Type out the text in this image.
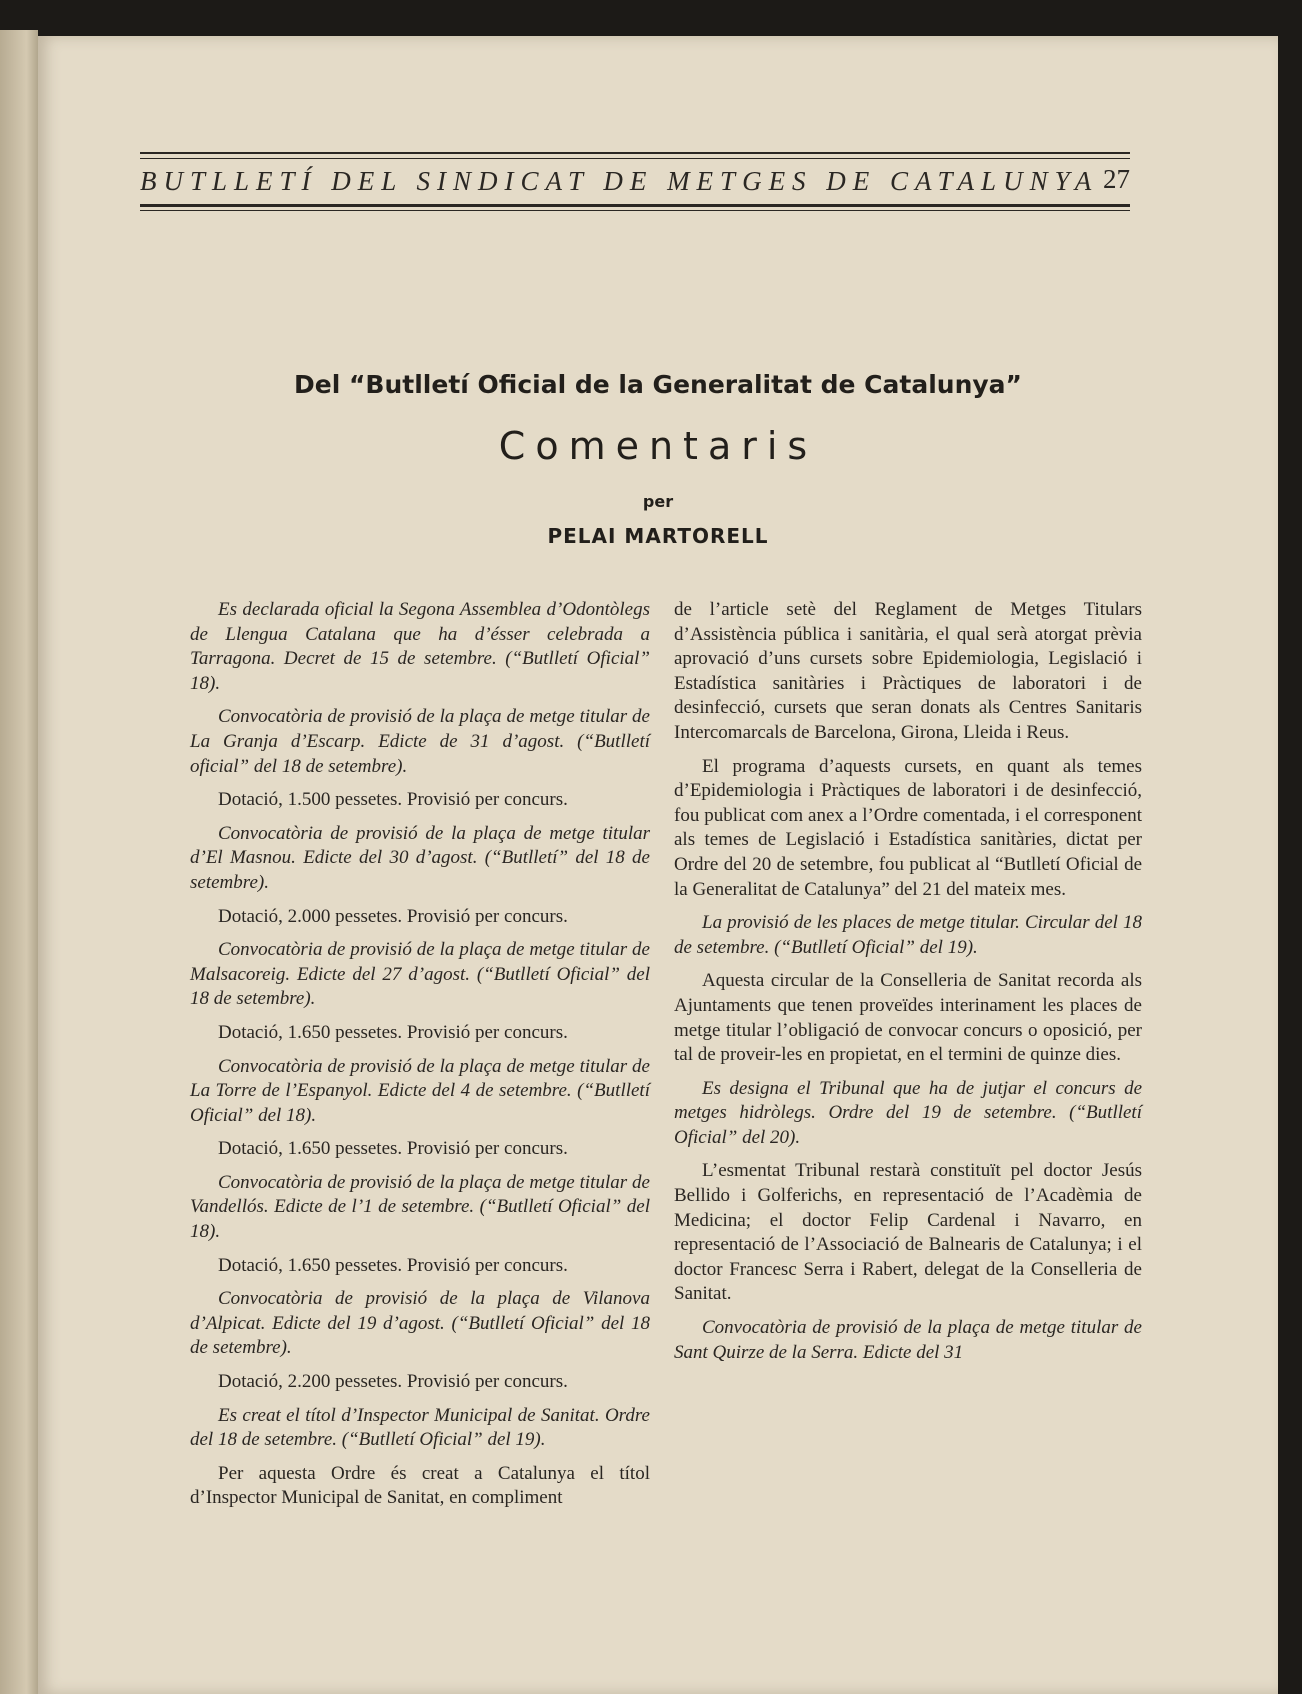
BUTLLETÍ DEL SINDICAT DE METGES DE CATALUNYA 27
Del “Butlletí Oficial de la Generalitat de Catalunya”
Comentaris
per
PELAI MARTORELL

Es declarada oficial la Segona Assemblea d’Odontòlegs de Llengua Catalana que ha d’ésser celebrada a Tarragona. Decret de 15 de setembre. (“Butlletí Oficial” 18).

Convocatòria de provisió de la plaça de metge titular de La Granja d’Escarp. Edicte de 31 d’agost. (“Butlletí oficial” del 18 de setembre).

Dotació, 1.500 pessetes. Provisió per concurs.

Convocatòria de provisió de la plaça de metge titular d’El Masnou. Edicte del 30 d’agost. (“Butlletí” del 18 de setembre).

Dotació, 2.000 pessetes. Provisió per concurs.

Convocatòria de provisió de la plaça de metge titular de Malsacoreig. Edicte del 27 d’agost. (“Butlletí Oficial” del 18 de setembre).

Dotació, 1.650 pessetes. Provisió per concurs.

Convocatòria de provisió de la plaça de metge titular de La Torre de l’Espanyol. Edicte del 4 de setembre. (“Butlletí Oficial” del 18).

Dotació, 1.650 pessetes. Provisió per concurs.

Convocatòria de provisió de la plaça de metge titular de Vandellós. Edicte de l’1 de setembre. (“Butlletí Oficial” del 18).

Dotació, 1.650 pessetes. Provisió per concurs.

Convocatòria de provisió de la plaça de Vilanova d’Alpicat. Edicte del 19 d’agost. (“Butlletí Oficial” del 18 de setembre).

Dotació, 2.200 pessetes. Provisió per concurs.

Es creat el títol d’Inspector Municipal de Sanitat. Ordre del 18 de setembre. (“Butlletí Oficial” del 19).

Per aquesta Ordre és creat a Catalunya el títol d’Inspector Municipal de Sanitat, en compliment

de l’article setè del Reglament de Metges Titulars d’Assistència pública i sanitària, el qual serà atorgat prèvia aprovació d’uns cursets sobre Epidemiologia, Legislació i Estadística sanitàries i Pràctiques de laboratori i de desinfecció, cursets que seran donats als Centres Sanitaris Intercomarcals de Barcelona, Girona, Lleida i Reus.

El programa d’aquests cursets, en quant als temes d’Epidemiologia i Pràctiques de laboratori i de desinfecció, fou publicat com anex a l’Ordre comentada, i el corresponent als temes de Legislació i Estadística sanitàries, dictat per Ordre del 20 de setembre, fou publicat al “Butlletí Oficial de la Generalitat de Catalunya” del 21 del mateix mes.

La provisió de les places de metge titular. Circular del 18 de setembre. (“Butlletí Oficial” del 19).

Aquesta circular de la Conselleria de Sanitat recorda als Ajuntaments que tenen proveïdes interinament les places de metge titular l’obligació de convocar concurs o oposició, per tal de proveir-les en propietat, en el termini de quinze dies.

Es designa el Tribunal que ha de jutjar el concurs de metges hidròlegs. Ordre del 19 de setembre. (“Butlletí Oficial” del 20).

L’esmentat Tribunal restarà constituït pel doctor Jesús Bellido i Golferichs, en representació de l’Acadèmia de Medicina; el doctor Felip Cardenal i Navarro, en representació de l’Associació de Balnearis de Catalunya; i el doctor Francesc Serra i Rabert, delegat de la Conselleria de Sanitat.

Convocatòria de provisió de la plaça de metge titular de Sant Quirze de la Serra. Edicte del 31
